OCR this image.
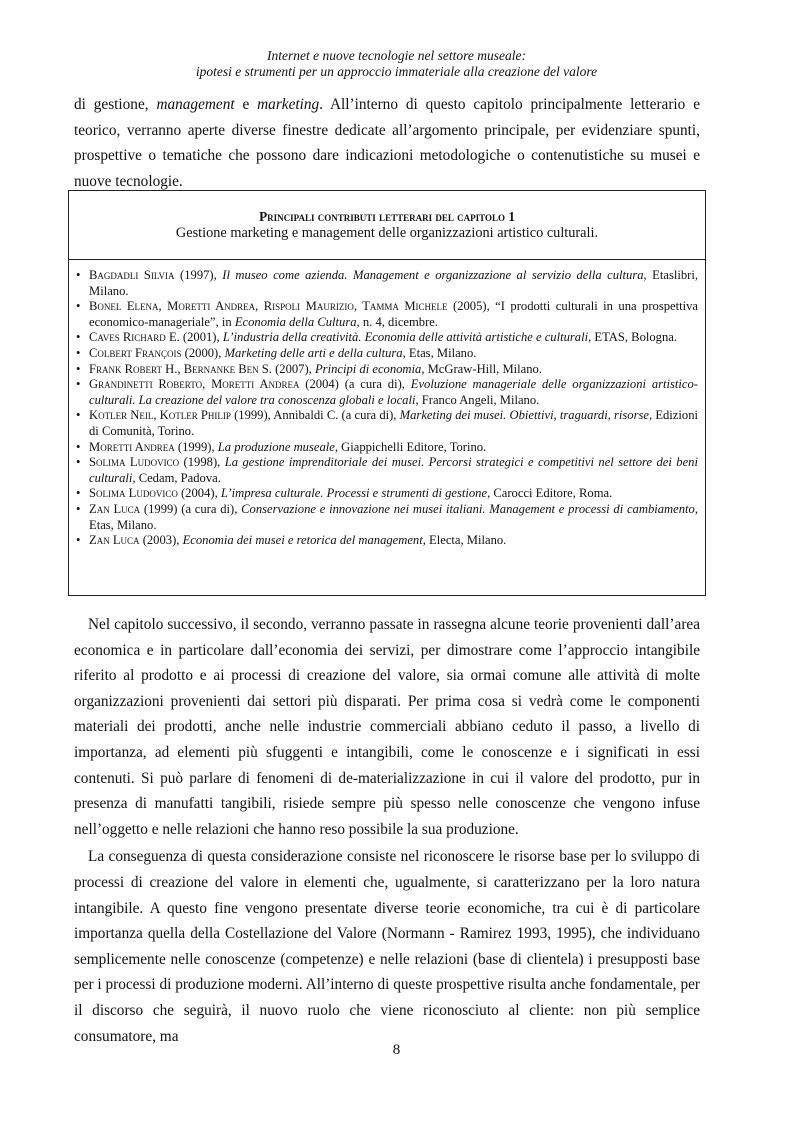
Internet e nuove tecnologie nel settore museale:
ipotesi e strumenti per un approccio immateriale alla creazione del valore

di gestione, management e marketing. All’interno di questo capitolo principalmente letterario e teorico, verranno aperte diverse finestre dedicate all’argomento principale, per evidenziare spunti, prospettive o tematiche che possono dare indicazioni metodologiche o contenutistiche su musei e nuove tecnologie.

Principali contributi letterari del capitolo 1
Gestione marketing e management delle organizzazioni artistico culturali.
• Bagdadli Silvia (1997), Il museo come azienda. Management e organizzazione al servizio della cultura, Etaslibri, Milano.
• Bonel Elena, Moretti Andrea, Rispoli Maurizio, Tamma Michele (2005), “I prodotti culturali in una prospettiva economico-manageriale”, in Economia della Cultura, n. 4, dicembre.
• Caves Richard E. (2001), L’industria della creatività. Economia delle attività artistiche e culturali, ETAS, Bologna.
• Colbert François (2000), Marketing delle arti e della cultura, Etas, Milano.
• Frank Robert H., Bernanke Ben S. (2007), Principi di economia, McGraw-Hill, Milano.
• Grandinetti Roberto, Moretti Andrea (2004) (a cura di), Evoluzione manageriale delle organizzazioni artistico-culturali. La creazione del valore tra conoscenza globali e locali, Franco Angeli, Milano.
• Kotler Neil, Kotler Philip (1999), Annibaldi C. (a cura di), Marketing dei musei. Obiettivi, traguardi, risorse, Edizioni di Comunità, Torino.
• Moretti Andrea (1999), La produzione museale, Giappichelli Editore, Torino.
• Solima Ludovico (1998), La gestione imprenditoriale dei musei. Percorsi strategici e competitivi nel settore dei beni culturali, Cedam, Padova.
• Solima Ludovico (2004), L’impresa culturale. Processi e strumenti di gestione, Carocci Editore, Roma.
• Zan Luca (1999) (a cura di), Conservazione e innovazione nei musei italiani. Management e processi di cambiamento, Etas, Milano.
• Zan Luca (2003), Economia dei musei e retorica del management, Electa, Milano.

Nel capitolo successivo, il secondo, verranno passate in rassegna alcune teorie provenienti dall’area economica e in particolare dall’economia dei servizi, per dimostrare come l’approccio intangibile riferito al prodotto e ai processi di creazione del valore, sia ormai comune alle attività di molte organizzazioni provenienti dai settori più disparati. Per prima cosa si vedrà come le componenti materiali dei prodotti, anche nelle industrie commerciali abbiano ceduto il passo, a livello di importanza, ad elementi più sfuggenti e intangibili, come le conoscenze e i significati in essi contenuti. Si può parlare di fenomeni di de-materializzazione in cui il valore del prodotto, pur in presenza di manufatti tangibili, risiede sempre più spesso nelle conoscenze che vengono infuse nell’oggetto e nelle relazioni che hanno reso possibile la sua produzione.

La conseguenza di questa considerazione consiste nel riconoscere le risorse base per lo sviluppo di processi di creazione del valore in elementi che, ugualmente, si caratterizzano per la loro natura intangibile. A questo fine vengono presentate diverse teorie economiche, tra cui è di particolare importanza quella della Costellazione del Valore (Normann - Ramirez 1993, 1995), che individuano semplicemente nelle conoscenze (competenze) e nelle relazioni (base di clientela) i presupposti base per i processi di produzione moderni. All’interno di queste prospettive risulta anche fondamentale, per il discorso che seguirà, il nuovo ruolo che viene riconosciuto al cliente: non più semplice consumatore, ma

8
